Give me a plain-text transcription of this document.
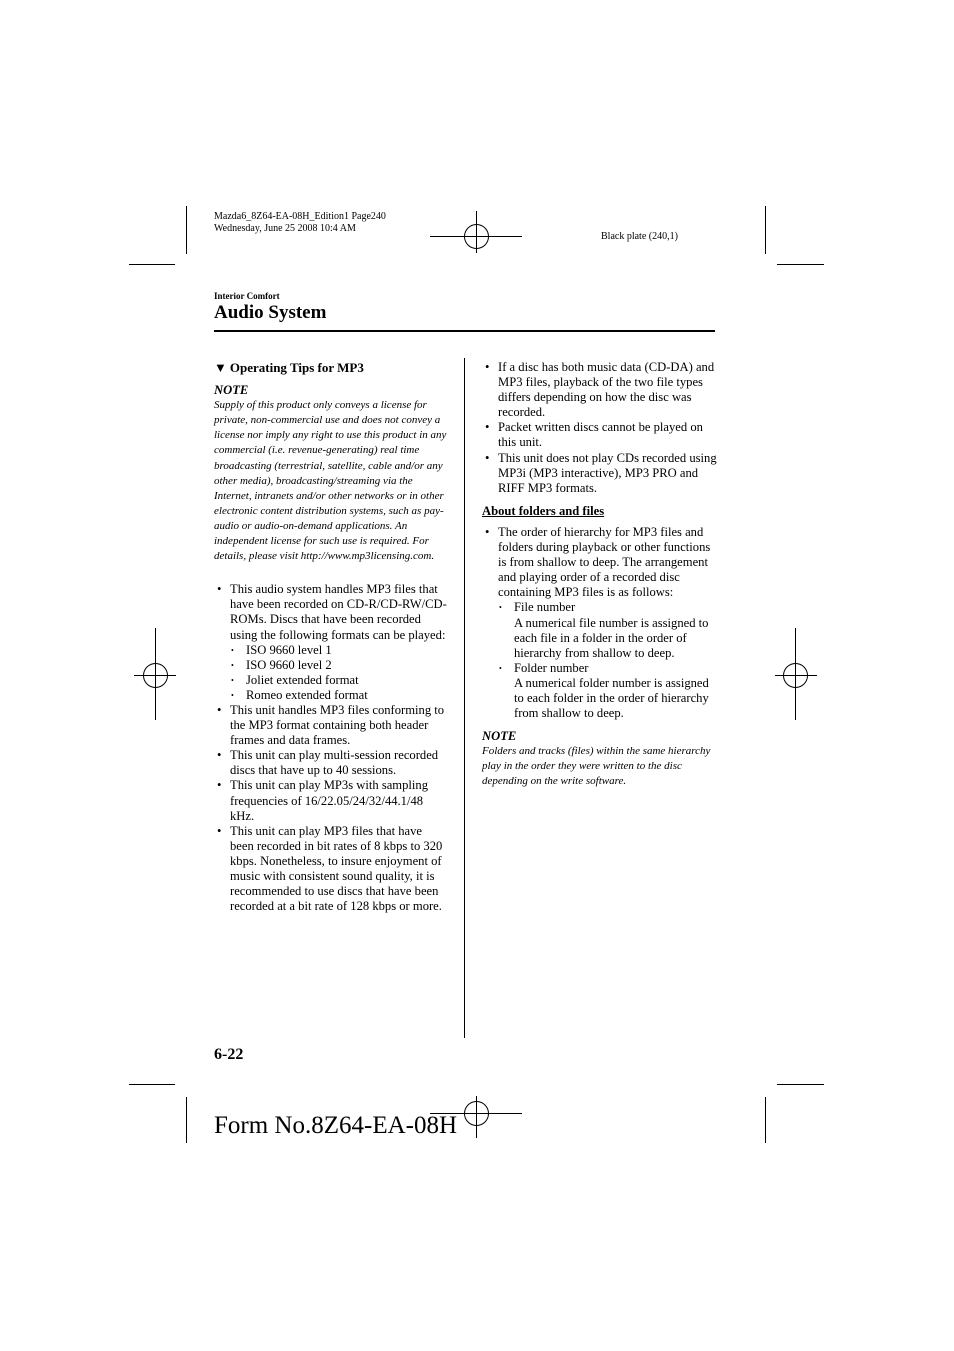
Mazda6_8Z64-EA-08H_Edition1 Page240
Wednesday, June 25 2008 10:4 AM
Black plate (240,1)
Interior Comfort
Audio System

▼ Operating Tips for MP3

NOTE

Supply of this product only conveys a license for private, non-commercial use and does not convey a license nor imply any right to use this product in any commercial (i.e. revenue-generating) real time broadcasting (terrestrial, satellite, cable and/or any other media), broadcasting/streaming via the Internet, intranets and/or other networks or in other electronic content distribution systems, such as pay-audio or audio-on-demand applications. An independent license for such use is required. For details, please visit http://www.mp3licensing.com.

• This audio system handles MP3 files that have been recorded on CD-R/CD-RW/CD-ROMs. Discs that have been recorded using the following formats can be played:
• ISO 9660 level 1
• ISO 9660 level 2
• Joliet extended format
• Romeo extended format
• This unit handles MP3 files conforming to the MP3 format containing both header frames and data frames.
• This unit can play multi-session recorded discs that have up to 40 sessions.
• This unit can play MP3s with sampling frequencies of 16/22.05/24/32/44.1/48 kHz.
• This unit can play MP3 files that have been recorded in bit rates of 8 kbps to 320 kbps. Nonetheless, to insure enjoyment of music with consistent sound quality, it is recommended to use discs that have been recorded at a bit rate of 128 kbps or more.
• If a disc has both music data (CD-DA) and MP3 files, playback of the two file types differs depending on how the disc was recorded.
• Packet written discs cannot be played on this unit.
• This unit does not play CDs recorded using MP3i (MP3 interactive), MP3 PRO and RIFF MP3 formats.

About folders and files

• The order of hierarchy for MP3 files and folders during playback or other functions is from shallow to deep. The arrangement and playing order of a recorded disc containing MP3 files is as follows:
• File number
A numerical file number is assigned to each file in a folder in the order of hierarchy from shallow to deep.
• Folder number
A numerical folder number is assigned to each folder in the order of hierarchy from shallow to deep.

NOTE

Folders and tracks (files) within the same hierarchy play in the order they were written to the disc depending on the write software.

6-22
Form No.8Z64-EA-08H
